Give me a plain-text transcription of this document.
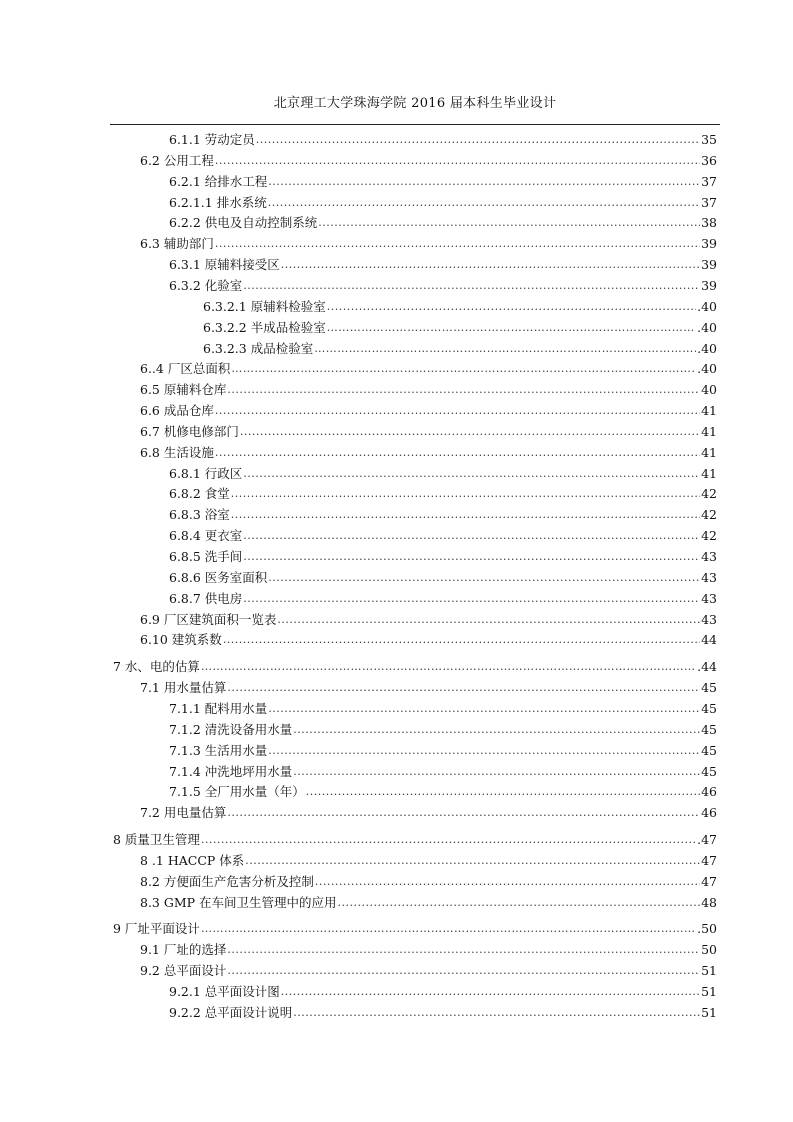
北京理工大学珠海学院 2016 届本科生毕业设计
6.1.1 劳动定员 .....	35
6.2 公用工程 .....	36
6.2.1 给排水工程 .....	37
6.2.1.1 排水系统 .....	37
6.2.2 供电及自动控制系统 .....	38
6.3 辅助部门 .....	39
6.3.1 原辅料接受区 .....	39
6.3.2 化验室 .....	39
6.3.2.1 原辅料检验室 .....	.40
6.3.2.2 半成品检验室 ………………………………………………………………………………………………………………………………………………………………………………………………………………………………………………………	.40
6.3.2.3 成品检验室 ………………………………………………………………………………………………………………………………………………………………………………………………………………………………………………………	.40
6..4 厂区总面积 ………………………………………………………………………………………………………………………………………………………………………………………………………………………………………………………	.40
6.5 原辅料仓库 .....	40
6.6 成品仓库 .....	41
6.7 机修电修部门 .....	41
6.8 生活设施 .....	41
6.8.1 行政区 .....	41
6.8.2 食堂 .....	42
6.8.3 浴室 .....	42
6.8.4 更衣室 .....	42
6.8.5 洗手间 .....	43
6.8.6 医务室面积 .....	43
6.8.7 供电房 .....	43
6.9 厂区建筑面积一览表 .....	43
6.10 建筑系数 .....	44
7 水、电的估算 ………………………………………………………………………………………………………………………………………………………………………………………………………………………………………………………	.44
7.1 用水量估算 .....	45
7.1.1 配料用水量 .....	45
7.1.2 清洗设备用水量 .....	45
7.1.3 生活用水量 .....	45
7.1.4 冲洗地坪用水量 .....	45
7.1.5 全厂用水量（年） .....	46
7.2 用电量估算 .....	46
8 质量卫生管理 .....	.47
8 .1 HACCP 体系 .....	47
8.2 方便面生产危害分析及控制 .....	47
8.3 GMP 在车间卫生管理中的应用 .....	48
9 厂址平面设计 ………………………………………………………………………………………………………………………………………………………………………………………………………………………………………………………	.50
9.1 厂址的选择 .....	50
9.2 总平面设计 .....	51
9.2.1 总平面设计图 .....	51
9.2.2 总平面设计说明 .....	51
